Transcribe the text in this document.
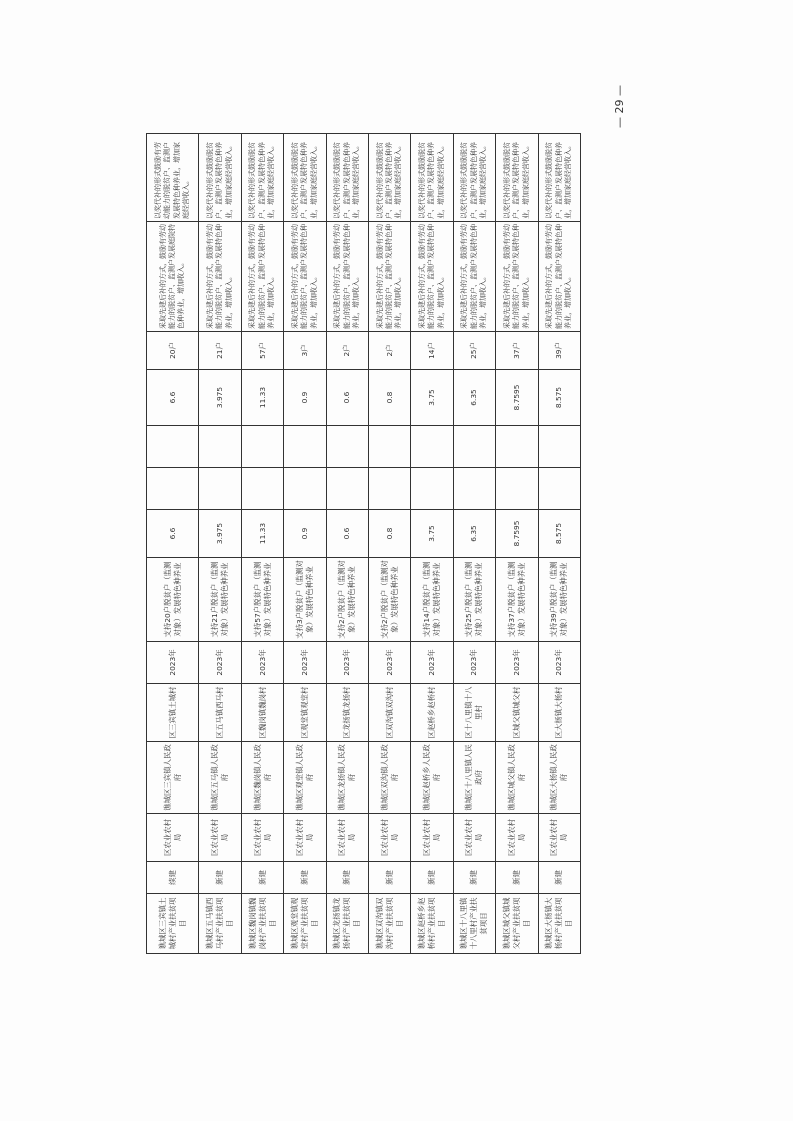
谯城区三宾镇土城村产业扶贫项目	续建	区农业农村局	谯城区三宾镇人民政府	区三宾镇土城村	2023年	支持20户脱贫户（监测对象）发展特色种养业	6.6			6.6	20户	采取先建后补的方式，鼓励有劳动能力的脱贫户、监测户发展庭院特色种养业，增加收入。	以奖代补的形式鼓励有劳动能力的脱贫户、监测户发展特色种养业，增加家庭经营收入。
谯城区五马镇西马村产业扶贫项目	新建	区农业农村局	谯城区五马镇人民政府	区五马镇西马村	2023年	支持21户脱贫户（监测对象）发展特色种养业	3.975			3.975	21户	采取先建后补的方式，鼓励有劳动能力的脱贫户、监测户发展特色种养业，增加收入。	以奖代补的形式鼓励脱贫户、监测户发展特色种养业，增加家庭经营收入。
谯城区魏岗镇魏岗村产业扶贫项目	新建	区农业农村局	谯城区魏岗镇人民政府	区魏岗镇魏岗村	2023年	支持57户脱贫户（监测对象）发展特色种养业	11.33			11.33	57户	采取先建后补的方式，鼓励有劳动能力的脱贫户、监测户发展特色种养业，增加收入。	以奖代补的形式鼓励脱贫户、监测户发展特色种养业，增加家庭经营收入。
谯城区观堂镇观堂村产业扶贫项目	新建	区农业农村局	谯城区观堂镇人民政府	区观堂镇观堂村	2023年	支持3户脱贫户（监测对象）发展特色种养业	0.9			0.9	3户	采取先建后补的方式，鼓励有劳动能力的脱贫户、监测户发展特色种养业，增加收入。	以奖代补的形式鼓励脱贫户、监测户发展特色种养业，增加家庭经营收入。
谯城区龙扬镇龙扬村产业扶贫项目	新建	区农业农村局	谯城区龙扬镇人民政府	区龙扬镇龙扬村	2023年	支持2户脱贫户（监测对象）发展特色种养业	0.6			0.6	2户	采取先建后补的方式，鼓励有劳动能力的脱贫户、监测户发展特色种养业，增加收入。	以奖代补的形式鼓励脱贫户、监测户发展特色种养业，增加家庭经营收入。
谯城区双沟镇双沟村产业扶贫项目	新建	区农业农村局	谯城区双沟镇人民政府	区双沟镇双沟村	2023年	支持2户脱贫户（监测对象）发展特色种养业	0.8			0.8	2户	采取先建后补的方式，鼓励有劳动能力的脱贫户、监测户发展特色种养业，增加收入。	以奖代补的形式鼓励脱贫户、监测户发展特色种养业，增加家庭经营收入。
谯城区赵桥乡赵桥村产业扶贫项目	新建	区农业农村局	谯城区赵桥乡人民政府	区赵桥乡赵桥村	2023年	支持14户脱贫户（监测对象）发展特色种养业	3.75			3.75	14户	采取先建后补的方式，鼓励有劳动能力的脱贫户、监测户发展特色种养业，增加收入。	以奖代补的形式鼓励脱贫户、监测户发展特色种养业，增加家庭经营收入。
谯城区十八里镇十八里村产业扶贫项目	新建	区农业农村局	谯城区十八里镇人民政府	区十八里镇十八里村	2023年	支持25户脱贫户（监测对象）发展特色种养业	6.35			6.35	25户	采取先建后补的方式，鼓励有劳动能力的脱贫户、监测户发展特色种养业，增加收入。	以奖代补的形式鼓励脱贫户、监测户发展特色种养业，增加家庭经营收入。
谯城区城父镇城父村产业扶贫项目	新建	区农业农村局	谯城区城父镇人民政府	区城父镇城父村	2023年	支持37户脱贫户（监测对象）发展特色种养业	8.7595			8.7595	37户	采取先建后补的方式，鼓励有劳动能力的脱贫户、监测户发展特色种养业，增加收入。	以奖代补的形式鼓励脱贫户、监测户发展特色种养业，增加家庭经营收入。
谯城区大杨镇大杨村产业扶贫项目	新建	区农业农村局	谯城区大杨镇人民政府	区大杨镇大杨村	2023年	支持39户脱贫户（监测对象）发展特色种养业	8.575			8.575	39户	采取先建后补的方式，鼓励有劳动能力的脱贫户、监测户发展特色种养业，增加收入。	以奖代补的形式鼓励脱贫户、监测户发展特色种养业，增加家庭经营收入。
— 29 —
